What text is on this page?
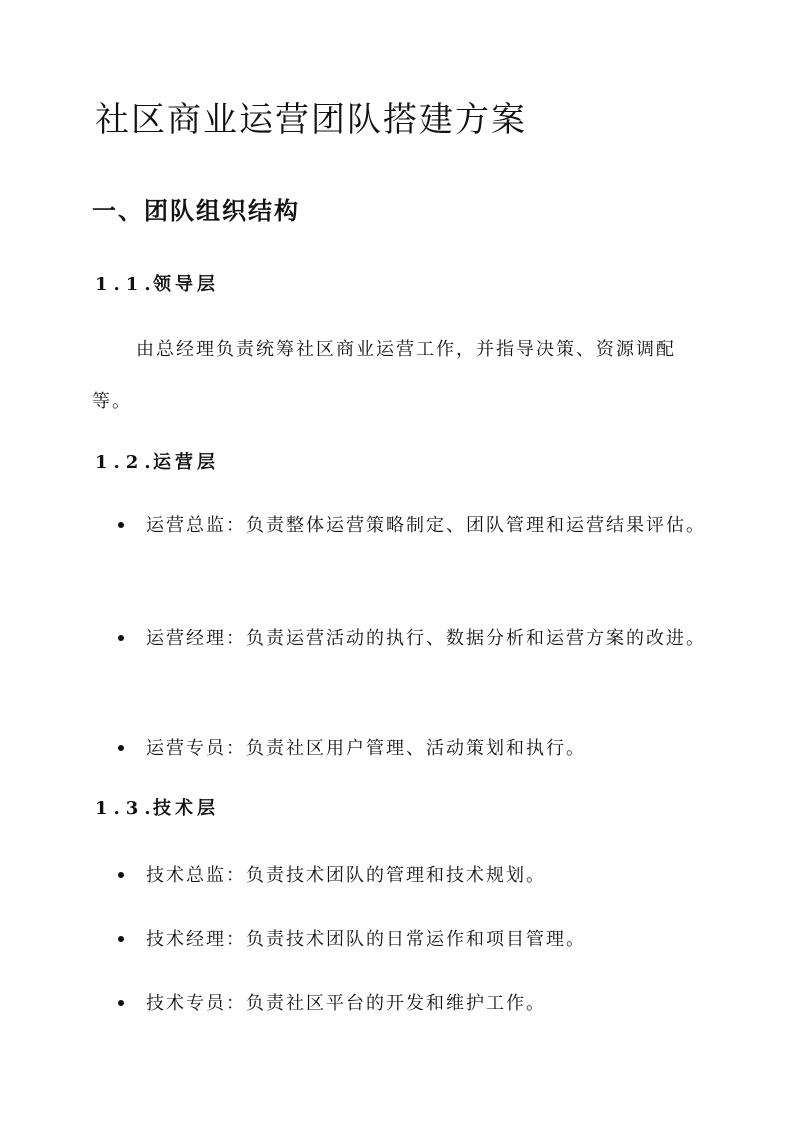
社区商业运营团队搭建方案
一、团队组织结构
1.1.领导层

由总经理负责统筹社区商业运营工作，并指导决策、资源调配等。

1.2.运营层
运营总监：负责整体运营策略制定、团队管理和运营结果评估。
运营经理：负责运营活动的执行、数据分析和运营方案的改进。
运营专员：负责社区用户管理、活动策划和执行。
1.3.技术层
技术总监：负责技术团队的管理和技术规划。
技术经理：负责技术团队的日常运作和项目管理。
技术专员：负责社区平台的开发和维护工作。
